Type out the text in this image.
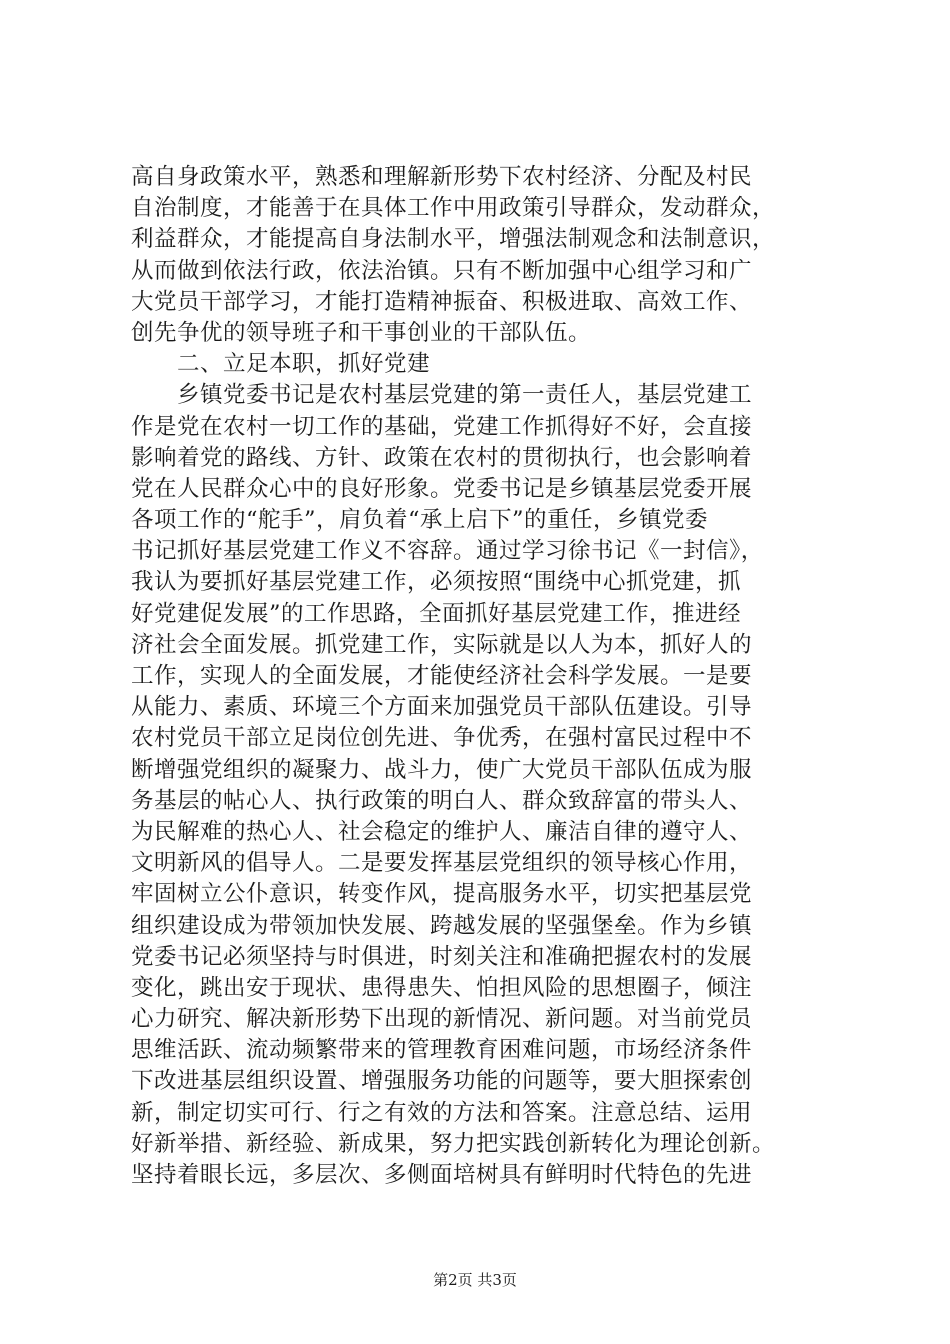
高自身政策水平，熟悉和理解新形势下农村经济、分配及村民
自治制度，才能善于在具体工作中用政策引导群众，发动群众，
利益群众，才能提高自身法制水平，增强法制观念和法制意识，
从而做到依法行政，依法治镇。只有不断加强中心组学习和广
大党员干部学习，才能打造精神振奋、积极进取、高效工作、
创先争优的领导班子和干事创业的干部队伍。
二、立足本职，抓好党建
乡镇党委书记是农村基层党建的第一责任人，基层党建工
作是党在农村一切工作的基础，党建工作抓得好不好，会直接
影响着党的路线、方针、政策在农村的贯彻执行，也会影响着
党在人民群众心中的良好形象。党委书记是乡镇基层党委开展
各项工作的“舵手”，肩负着“承上启下”的重任，乡镇党委
书记抓好基层党建工作义不容辞。通过学习徐书记《一封信》，
我认为要抓好基层党建工作，必须按照“围绕中心抓党建，抓
好党建促发展”的工作思路，全面抓好基层党建工作，推进经
济社会全面发展。抓党建工作，实际就是以人为本，抓好人的
工作，实现人的全面发展，才能使经济社会科学发展。一是要
从能力、素质、环境三个方面来加强党员干部队伍建设。引导
农村党员干部立足岗位创先进、争优秀，在强村富民过程中不
断增强党组织的凝聚力、战斗力，使广大党员干部队伍成为服
务基层的帖心人、执行政策的明白人、群众致辞富的带头人、
为民解难的热心人、社会稳定的维护人、廉洁自律的遵守人、
文明新风的倡导人。二是要发挥基层党组织的领导核心作用，
牢固树立公仆意识，转变作风，提高服务水平，切实把基层党
组织建设成为带领加快发展、跨越发展的坚强堡垒。作为乡镇
党委书记必须坚持与时俱进，时刻关注和准确把握农村的发展
变化，跳出安于现状、患得患失、怕担风险的思想圈子，倾注
心力研究、解决新形势下出现的新情况、新问题。对当前党员
思维活跃、流动频繁带来的管理教育困难问题，市场经济条件
下改进基层组织设置、增强服务功能的问题等，要大胆探索创
新，制定切实可行、行之有效的方法和答案。注意总结、运用
好新举措、新经验、新成果，努力把实践创新转化为理论创新。
坚持着眼长远，多层次、多侧面培树具有鲜明时代特色的先进
第2页 共3页
